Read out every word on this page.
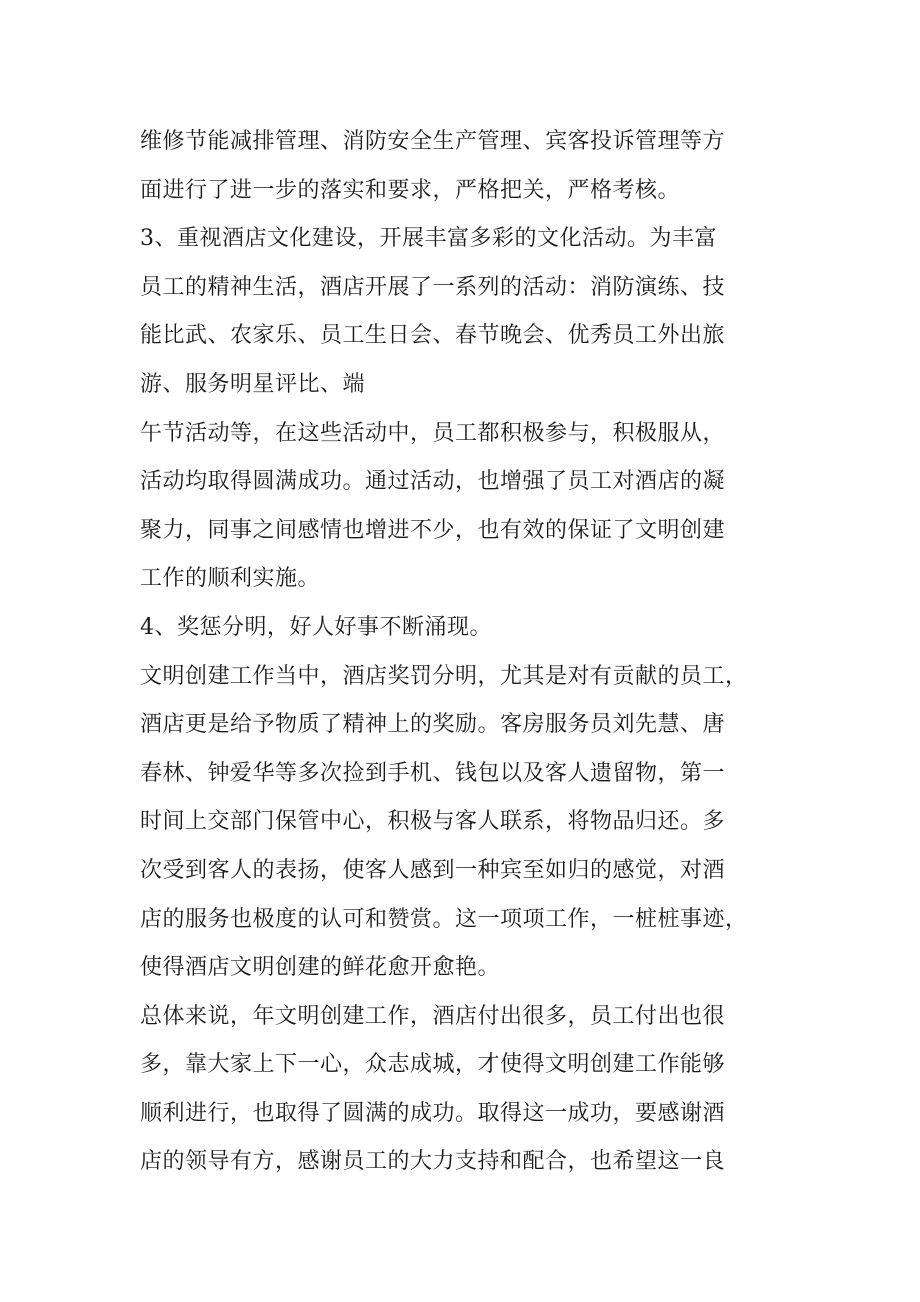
维修节能减排管理、消防安全生产管理、宾客投诉管理等方
面进行了进一步的落实和要求，严格把关，严格考核。
3、重视酒店文化建设，开展丰富多彩的文化活动。为丰富
员工的精神生活，酒店开展了一系列的活动：消防演练、技
能比武、农家乐、员工生日会、春节晚会、优秀员工外出旅
游、服务明星评比、端
午节活动等，在这些活动中，员工都积极参与，积极服从，
活动均取得圆满成功。通过活动，也增强了员工对酒店的凝
聚力，同事之间感情也增进不少，也有效的保证了文明创建
工作的顺利实施。
4、奖惩分明，好人好事不断涌现。
文明创建工作当中，酒店奖罚分明，尤其是对有贡献的员工，
酒店更是给予物质了精神上的奖励。客房服务员刘先慧、唐
春林、钟爱华等多次捡到手机、钱包以及客人遗留物，第一
时间上交部门保管中心，积极与客人联系，将物品归还。多
次受到客人的表扬，使客人感到一种宾至如归的感觉，对酒
店的服务也极度的认可和赞赏。这一项项工作，一桩桩事迹，
使得酒店文明创建的鲜花愈开愈艳。
总体来说，年文明创建工作，酒店付出很多，员工付出也很
多，靠大家上下一心，众志成城，才使得文明创建工作能够
顺利进行，也取得了圆满的成功。取得这一成功，要感谢酒
店的领导有方，感谢员工的大力支持和配合，也希望这一良
